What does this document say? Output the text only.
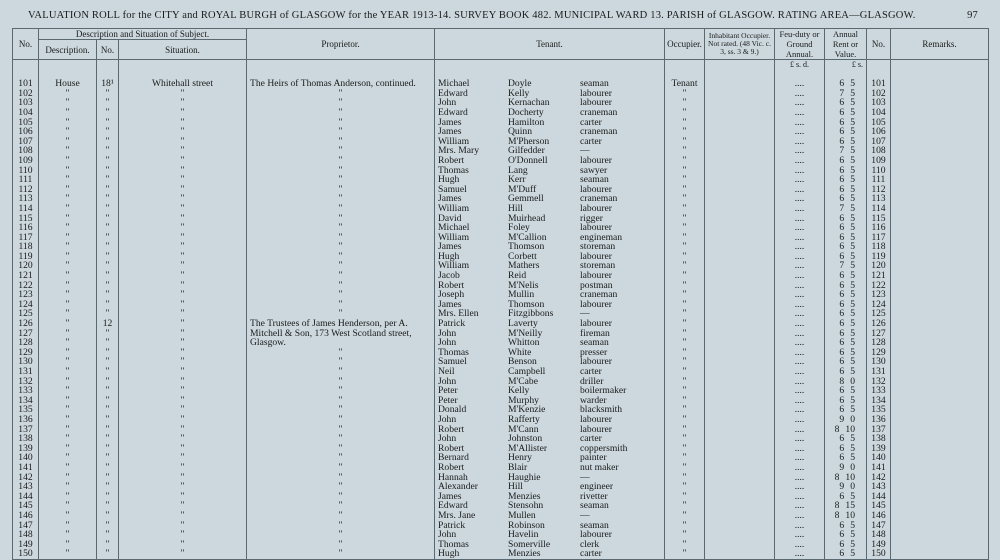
VALUATION ROLL for the CITY and ROYAL BURGH of GLASGOW for the YEAR 1913-14. SURVEY BOOK 482. MUNICIPAL WARD 13. PARISH of GLASGOW. RATING AREA—GLASGOW.	97
No.	Description and Situation of Subject.			Proprietor.	Tenant.	Occupier.	Inhabitant Occupier. Not rated. (48 Vic. c. 3, ss. 3 & 9.)	Feu-duty or Ground Annual.	Annual Rent or Value.	No.	Remarks.
	Description.	No.	Situation.								
								£ s. d.	£ s.		

101	House	18¹	Whitehall street	The Heirs of Thomas Anderson, continued.	Michael Doyle seaman	Tenant		....	6 5	101	
102	"	"	"	"	Edward Kelly labourer	"		....	7 5	102	
103	"	"	"	"	John Kernachan labourer	"		....	6 5	103	
104	"	"	"	"	Edward Docherty craneman	"		....	6 5	104	
105	"	"	"	"	James Hamilton carter	"		....	6 5	105	
106	"	"	"	"	James Quinn craneman	"		....	6 5	106	
107	"	"	"	"	William M'Pherson carter	"		....	6 5	107	
108	"	"	"	"	Mrs. Mary Gilfedder —	"		....	7 5	108	
109	"	"	"	"	Robert O'Donnell labourer	"		....	6 5	109	
110	"	"	"	"	Thomas Lang sawyer	"		....	6 5	110	
111	"	"	"	"	Hugh Kerr seaman	"		....	6 5	111	
112	"	"	"	"	Samuel M'Duff labourer	"		....	6 5	112	
113	"	"	"	"	James Gemmell craneman	"		....	6 5	113	
114	"	"	"	"	William Hill labourer	"		....	7 5	114	
115	"	"	"	"	David Muirhead rigger	"		....	6 5	115	
116	"	"	"	"	Michael Foley labourer	"		....	6 5	116	
117	"	"	"	"	William M'Callion engineman	"		....	6 5	117	
118	"	"	"	"	James Thomson storeman	"		....	6 5	118	
119	"	"	"	"	Hugh Corbett labourer	"		....	6 5	119	
120	"	"	"	"	William Mathers storeman	"		....	7 5	120	
121	"	"	"	"	Jacob Reid labourer	"		....	6 5	121	
122	"	"	"	"	Robert M'Nelis postman	"		....	6 5	122	
123	"	"	"	"	Joseph Mullin craneman	"		....	6 5	123	
124	"	"	"	"	James Thomson labourer	"		....	6 5	124	
125	"	"	"	"	Mrs. Ellen Fitzgibbons —	"		....	6 5	125	
126	"	12	"	The Trustees of James Henderson, per A.	Patrick Laverty labourer	"		....	6 5	126	
127	"	"	"	Mitchell & Son, 173 West Scotland street,	John M'Neilly fireman	"		....	6 5	127	
128	"	"	"	Glasgow.	John Whitton seaman	"		....	6 5	128	
129	"	"	"	"	Thomas White presser	"		....	6 5	129	
130	"	"	"	"	Samuel Benson labourer	"		....	6 5	130	
131	"	"	"	"	Neil Campbell carter	"		....	6 5	131	
132	"	"	"	"	John M'Cabe driller	"		....	8 0	132	
133	"	"	"	"	Peter Kelly boilermaker	"		....	6 5	133	
134	"	"	"	"	Peter Murphy warder	"		....	6 5	134	
135	"	"	"	"	Donald M'Kenzie blacksmith	"		....	6 5	135	
136	"	"	"	"	John Rafferty labourer	"		....	9 0	136	
137	"	"	"	"	Robert M'Cann labourer	"		....	8 10	137	
138	"	"	"	"	John Johnston carter	"		....	6 5	138	
139	"	"	"	"	Robert M'Allister coppersmith	"		....	6 5	139	
140	"	"	"	"	Bernard Henry painter	"		....	6 5	140	
141	"	"	"	"	Robert Blair nut maker	"		....	9 0	141	
142	"	"	"	"	Hannah Haughie —	"		....	8 10	142	
143	"	"	"	"	Alexander Hill engineer	"		....	9 0	143	
144	"	"	"	"	James Menzies rivetter	"		....	6 5	144	
145	"	"	"	"	Edward Stensohn seaman	"		....	8 15	145	
146	"	"	"	"	Mrs. Jane Mullen —	"		....	8 10	146	
147	"	"	"	"	Patrick Robinson seaman	"		....	6 5	147	
148	"	"	"	"	John Havelin labourer	"		....	6 5	148	
149	"	"	"	"	Thomas Somerville clerk	"		....	6 5	149	
150	"	"	"	"	Hugh Menzies carter	"		....	6 5	150	
